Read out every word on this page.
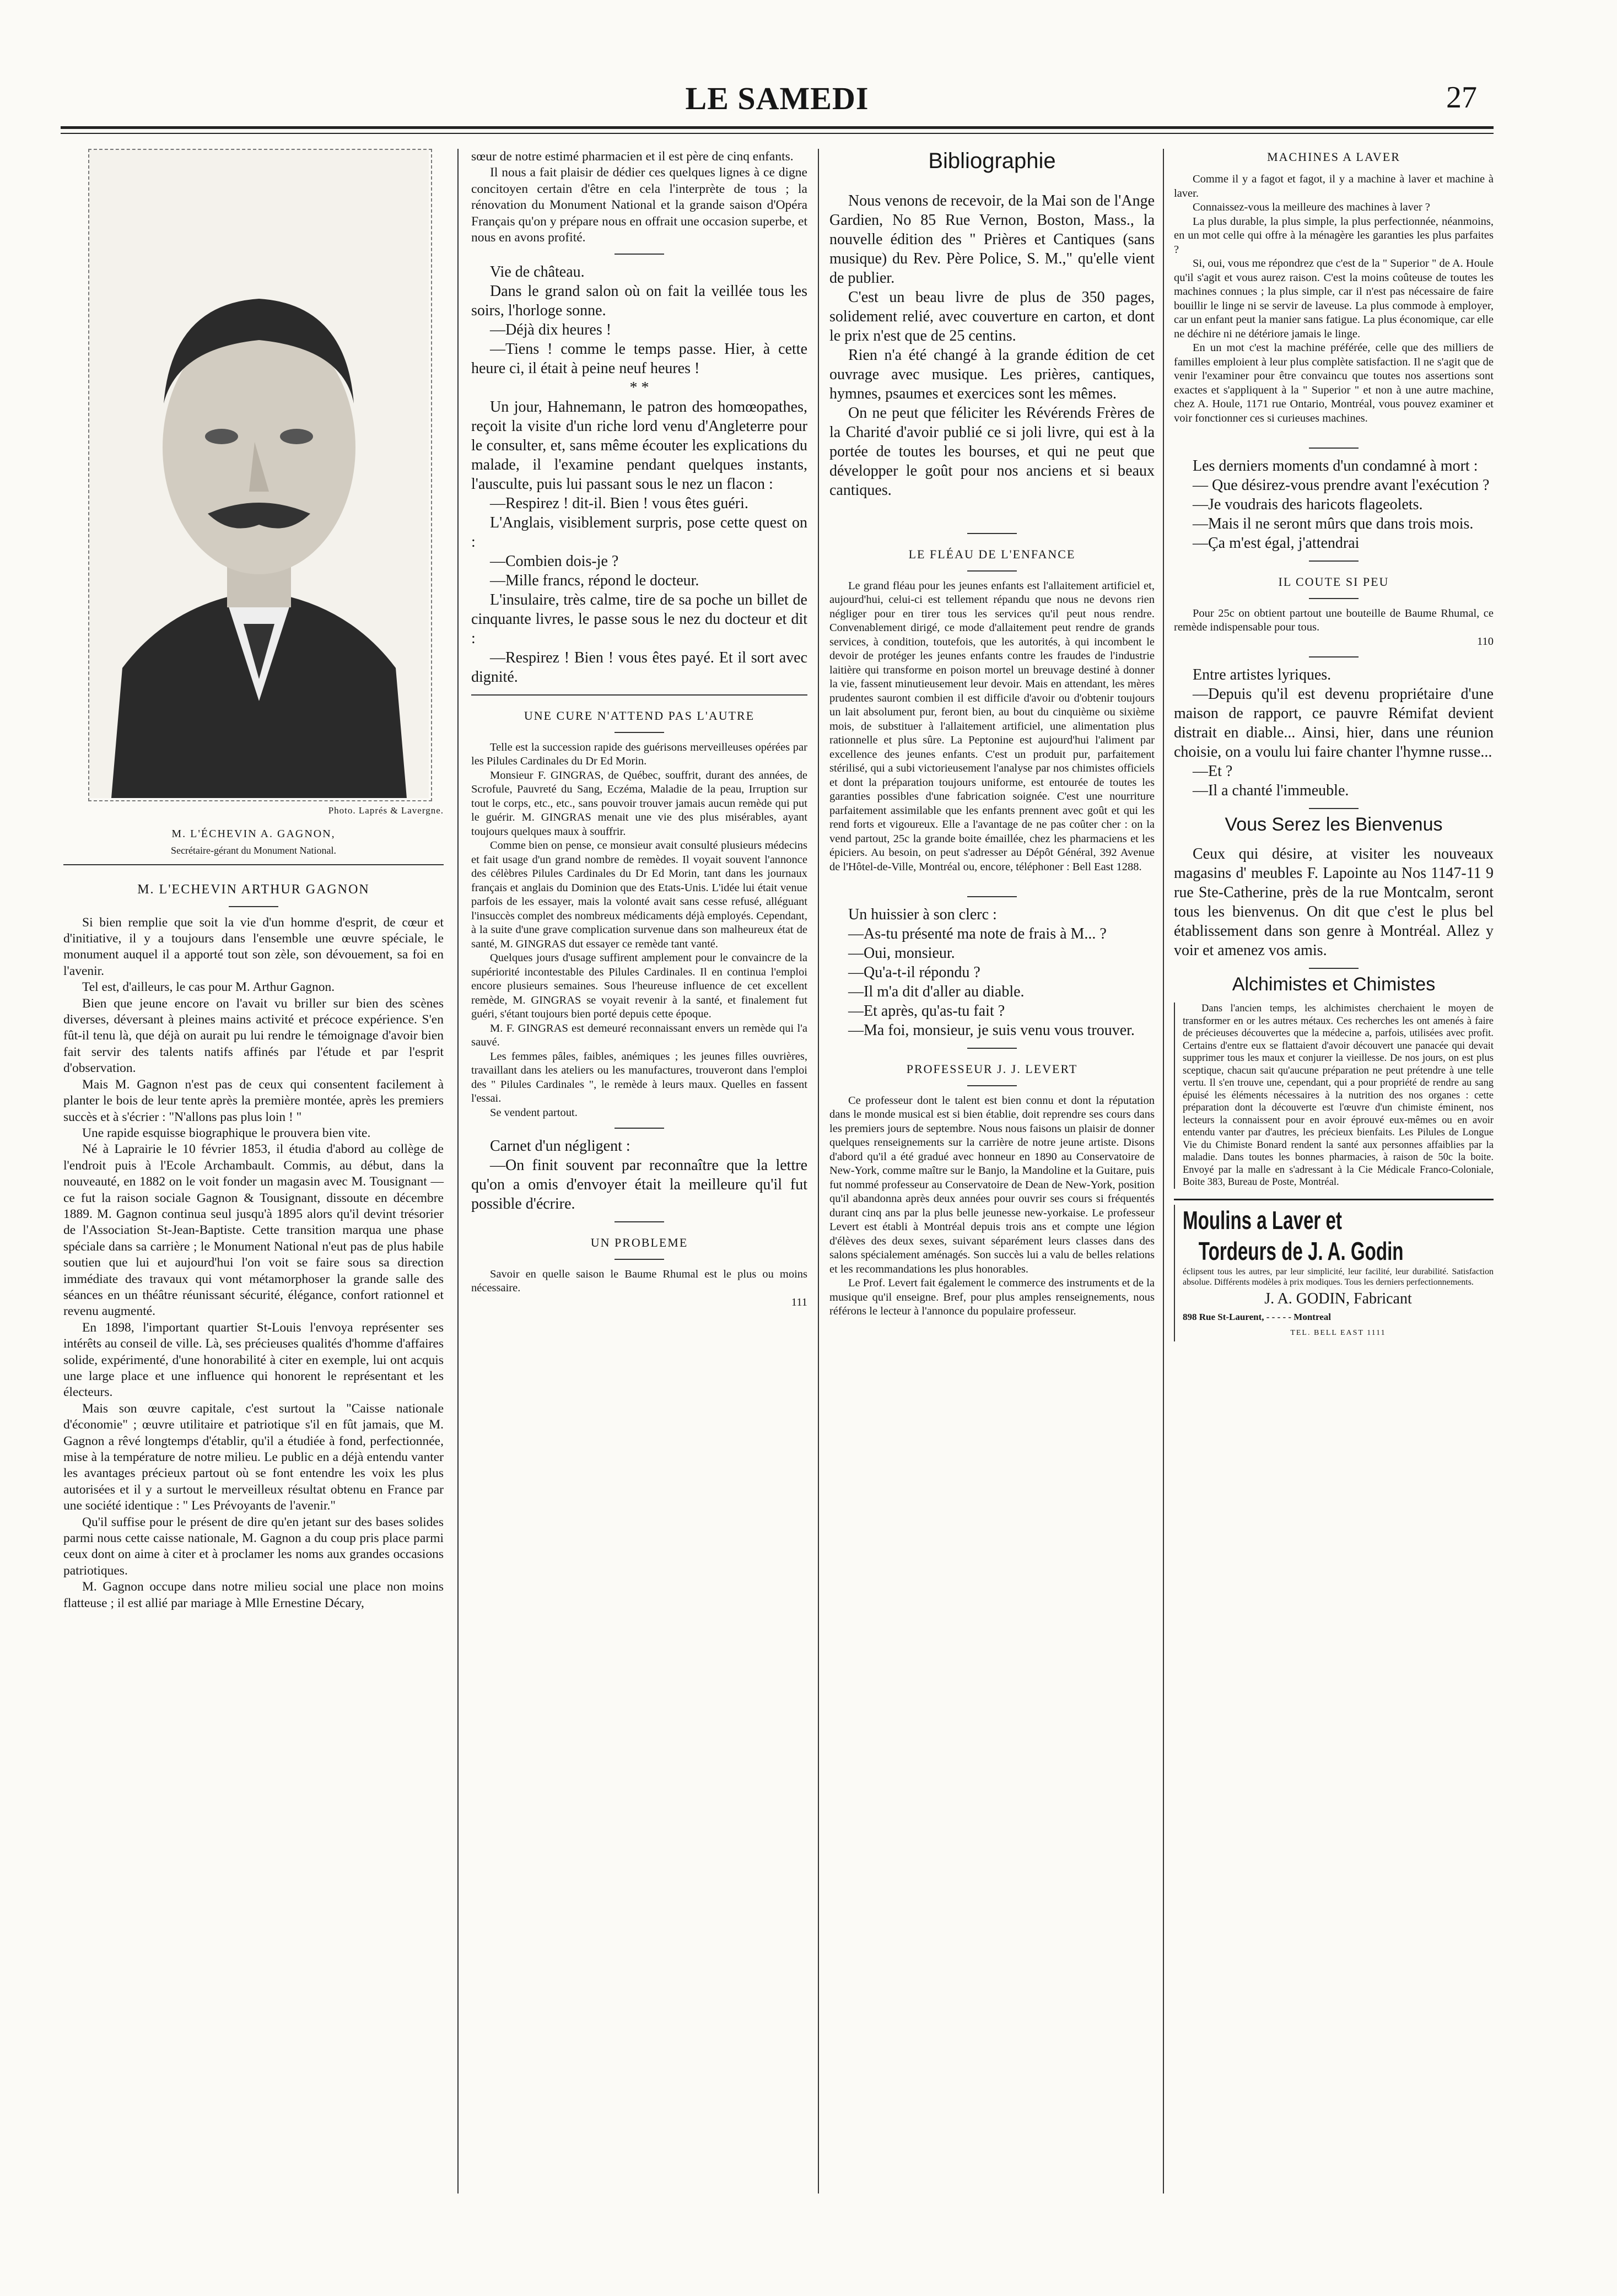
LE SAMEDI	27
Photo. Laprés & Lavergne.
M. L'ÉCHEVIN A. GAGNON,
Secrétaire-gérant du Monument National.
M. L'ECHEVIN ARTHUR GAGNON

Si bien remplie que soit la vie d'un homme d'esprit, de cœur et d'initiative, il y a toujours dans l'ensemble une œuvre spéciale, le monument auquel il a apporté tout son zèle, son dévouement, sa foi en l'avenir.

Tel est, d'ailleurs, le cas pour M. Arthur Gagnon.

Bien que jeune encore on l'avait vu briller sur bien des scènes diverses, déversant à pleines mains activité et précoce expérience. S'en fût-il tenu là, que déjà on aurait pu lui rendre le témoignage d'avoir bien fait servir des talents natifs affinés par l'étude et par l'esprit d'observation.

Mais M. Gagnon n'est pas de ceux qui consentent facilement à planter le bois de leur tente après la première montée, après les premiers succès et à s'écrier : "N'allons pas plus loin ! "

Une rapide esquisse biographique le prouvera bien vite.

Né à Laprairie le 10 février 1853, il étudia d'abord au collège de l'endroit puis à l'Ecole Archambault. Commis, au début, dans la nouveauté, en 1882 on le voit fonder un magasin avec M. Tousignant — ce fut la raison sociale Gagnon & Tousignant, dissoute en décembre 1889. M. Gagnon continua seul jusqu'à 1895 alors qu'il devint trésorier de l'Association St-Jean-Baptiste. Cette transition marqua une phase spéciale dans sa carrière ; le Monument National n'eut pas de plus habile soutien que lui et aujourd'hui l'on voit se faire sous sa direction immédiate des travaux qui vont métamorphoser la grande salle des séances en un théâtre réunissant sécurité, élégance, confort rationnel et revenu augmenté.

En 1898, l'important quartier St-Louis l'envoya représenter ses intérêts au conseil de ville. Là, ses précieuses qualités d'homme d'affaires solide, expérimenté, d'une honorabilité à citer en exemple, lui ont acquis une large place et une influence qui honorent le représentant et les électeurs.

Mais son œuvre capitale, c'est surtout la "Caisse nationale d'économie" ; œuvre utilitaire et patriotique s'il en fût jamais, que M. Gagnon a rêvé longtemps d'établir, qu'il a étudiée à fond, perfectionnée, mise à la température de notre milieu. Le public en a déjà entendu vanter les avantages précieux partout où se font entendre les voix les plus autorisées et il y a surtout le merveilleux résultat obtenu en France par une société identique : " Les Prévoyants de l'avenir."

Qu'il suffise pour le présent de dire qu'en jetant sur des bases solides parmi nous cette caisse nationale, M. Gagnon a du coup pris place parmi ceux dont on aime à citer et à proclamer les noms aux grandes occasions patriotiques.

M. Gagnon occupe dans notre milieu social une place non moins flatteuse ; il est allié par mariage à Mlle Ernestine Décary,

sœur de notre estimé pharmacien et il est père de cinq enfants.

Il nous a fait plaisir de dédier ces quelques lignes à ce digne concitoyen certain d'être en cela l'interprète de tous ; la rénovation du Monument National et la grande saison d'Opéra Français qu'on y prépare nous en offrait une occasion superbe, et nous en avons profité.

Vie de château.

Dans le grand salon où on fait la veillée tous les soirs, l'horloge sonne.

—Déjà dix heures !

—Tiens ! comme le temps passe. Hier, à cette heure ci, il était à peine neuf heures !

* *

Un jour, Hahnemann, le patron des homœopathes, reçoit la visite d'un riche lord venu d'Angleterre pour le consulter, et, sans même écouter les explications du malade, il l'examine pendant quelques instants, l'ausculte, puis lui passant sous le nez un flacon :

—Respirez ! dit-il. Bien ! vous êtes guéri.

L'Anglais, visiblement surpris, pose cette quest on :

—Combien dois-je ?

—Mille francs, répond le docteur.

L'insulaire, très calme, tire de sa poche un billet de cinquante livres, le passe sous le nez du docteur et dit :

—Respirez ! Bien ! vous êtes payé. Et il sort avec dignité.

UNE CURE N'ATTEND PAS L'AUTRE

Telle est la succession rapide des guérisons merveilleuses opérées par les Pilules Cardinales du Dr Ed Morin.

Monsieur F. GINGRAS, de Québec, souffrit, durant des années, de Scrofule, Pauvreté du Sang, Eczéma, Maladie de la peau, Irruption sur tout le corps, etc., etc., sans pouvoir trouver jamais aucun remède qui put le guérir. M. GINGRAS menait une vie des plus misérables, ayant toujours quelques maux à souffrir.

Comme bien on pense, ce monsieur avait consulté plusieurs médecins et fait usage d'un grand nombre de remèdes. Il voyait souvent l'annonce des célèbres Pilules Cardinales du Dr Ed Morin, tant dans les journaux français et anglais du Dominion que des Etats-Unis. L'idée lui était venue parfois de les essayer, mais la volonté avait sans cesse refusé, alléguant l'insuccès complet des nombreux médicaments déjà employés. Cependant, à la suite d'une grave complication survenue dans son malheureux état de santé, M. GINGRAS dut essayer ce remède tant vanté.

Quelques jours d'usage suffirent amplement pour le convaincre de la supériorité incontestable des Pilules Cardinales. Il en continua l'emploi encore plusieurs semaines. Sous l'heureuse influence de cet excellent remède, M. GINGRAS se voyait revenir à la santé, et finalement fut guéri, s'étant toujours bien porté depuis cette époque.

M. F. GINGRAS est demeuré reconnaissant envers un remède qui l'a sauvé.

Les femmes pâles, faibles, anémiques ; les jeunes filles ouvrières, travaillant dans les ateliers ou les manufactures, trouveront dans l'emploi des " Pilules Cardinales ", le remède à leurs maux. Quelles en fassent l'essai.

Se vendent partout.

Carnet d'un négligent :

—On finit souvent par reconnaître que la lettre qu'on a omis d'envoyer était la meilleure qu'il fut possible d'écrire.

UN PROBLEME

Savoir en quelle saison le Baume Rhumal est le plus ou moins nécessaire.

111
Bibliographie

Nous venons de recevoir, de la Mai son de l'Ange Gardien, No 85 Rue Vernon, Boston, Mass., la nouvelle édition des " Prières et Cantiques (sans musique) du Rev. Père Police, S. M.," qu'elle vient de publier.

C'est un beau livre de plus de 350 pages, solidement relié, avec couverture en carton, et dont le prix n'est que de 25 centins.

Rien n'a été changé à la grande édition de cet ouvrage avec musique. Les prières, cantiques, hymnes, psaumes et exercices sont les mêmes.

On ne peut que féliciter les Révérends Frères de la Charité d'avoir publié ce si joli livre, qui est à la portée de toutes les bourses, et qui ne peut que développer le goût pour nos anciens et si beaux cantiques.

LE FLÉAU DE L'ENFANCE

Le grand fléau pour les jeunes enfants est l'allaitement artificiel et, aujourd'hui, celui-ci est tellement répandu que nous ne devons rien négliger pour en tirer tous les services qu'il peut nous rendre. Convenablement dirigé, ce mode d'allaitement peut rendre de grands services, à condition, toutefois, que les autorités, à qui incombent le devoir de protéger les jeunes enfants contre les fraudes de l'industrie laitière qui transforme en poison mortel un breuvage destiné à donner la vie, fassent minutieusement leur devoir. Mais en attendant, les mères prudentes sauront combien il est difficile d'avoir ou d'obtenir toujours un lait absolument pur, feront bien, au bout du cinquième ou sixième mois, de substituer à l'allaitement artificiel, une alimentation plus rationnelle et plus sûre. La Peptonine est aujourd'hui l'aliment par excellence des jeunes enfants. C'est un produit pur, parfaitement stérilisé, qui a subi victorieusement l'analyse par nos chimistes officiels et dont la préparation toujours uniforme, est entourée de toutes les garanties possibles d'une fabrication soignée. C'est une nourriture parfaitement assimilable que les enfants prennent avec goût et qui les rend forts et vigoureux. Elle a l'avantage de ne pas coûter cher : on la vend partout, 25c la grande boite émaillée, chez les pharmaciens et les épiciers. Au besoin, on peut s'adresser au Dépôt Général, 392 Avenue de l'Hôtel-de-Ville, Montréal ou, encore, téléphoner : Bell East 1288.

Un huissier à son clerc :

—As-tu présenté ma note de frais à M... ?

—Oui, monsieur.

—Qu'a-t-il répondu ?

—Il m'a dit d'aller au diable.

—Et après, qu'as-tu fait ?

—Ma foi, monsieur, je suis venu vous trouver.

PROFESSEUR J. J. LEVERT

Ce professeur dont le talent est bien connu et dont la réputation dans le monde musical est si bien établie, doit reprendre ses cours dans les premiers jours de septembre. Nous nous faisons un plaisir de donner quelques renseignements sur la carrière de notre jeune artiste. Disons d'abord qu'il a été gradué avec honneur en 1890 au Conservatoire de New-York, comme maître sur le Banjo, la Mandoline et la Guitare, puis fut nommé professeur au Conservatoire de Dean de New-York, position qu'il abandonna après deux années pour ouvrir ses cours si fréquentés durant cinq ans par la plus belle jeunesse new-yorkaise. Le professeur Levert est établi à Montréal depuis trois ans et compte une légion d'élèves des deux sexes, suivant séparément leurs classes dans des salons spécialement aménagés. Son succès lui a valu de belles relations et les recommandations les plus honorables.

Le Prof. Levert fait également le commerce des instruments et de la musique qu'il enseigne. Bref, pour plus amples renseignements, nous référons le lecteur à l'annonce du populaire professeur.

MACHINES A LAVER

Comme il y a fagot et fagot, il y a machine à laver et machine à laver.

Connaissez-vous la meilleure des machines à laver ?

La plus durable, la plus simple, la plus perfectionnée, néanmoins, en un mot celle qui offre à la ménagère les garanties les plus parfaites ?

Si, oui, vous me répondrez que c'est de la " Superior " de A. Houle qu'il s'agit et vous aurez raison. C'est la moins coûteuse de toutes les machines connues ; la plus simple, car il n'est pas nécessaire de faire bouillir le linge ni se servir de laveuse. La plus commode à employer, car un enfant peut la manier sans fatigue. La plus économique, car elle ne déchire ni ne détériore jamais le linge.

En un mot c'est la machine préférée, celle que des milliers de familles emploient à leur plus complète satisfaction. Il ne s'agit que de venir l'examiner pour être convaincu que toutes nos assertions sont exactes et s'appliquent à la " Superior " et non à une autre machine, chez A. Houle, 1171 rue Ontario, Montréal, vous pouvez examiner et voir fonctionner ces si curieuses machines.

Les derniers moments d'un condamné à mort :

— Que désirez-vous prendre avant l'exécution ?

—Je voudrais des haricots flageolets.

—Mais il ne seront mûrs que dans trois mois.

—Ça m'est égal, j'attendrai

IL COUTE SI PEU

Pour 25c on obtient partout une bouteille de Baume Rhumal, ce remède indispensable pour tous.

110

Entre artistes lyriques.

—Depuis qu'il est devenu propriétaire d'une maison de rapport, ce pauvre Rémifat devient distrait en diable... Ainsi, hier, dans une réunion choisie, on a voulu lui faire chanter l'hymne russe...

—Et ?

—Il a chanté l'immeuble.

Vous Serez les Bienvenus

Ceux qui désire, at visiter les nouveaux magasins d' meubles F. Lapointe au Nos 1147-11 9 rue Ste-Catherine, près de la rue Montcalm, seront tous les bienvenus. On dit que c'est le plus bel établissement dans son genre à Montréal. Allez y voir et amenez vos amis.

Alchimistes et Chimistes

Dans l'ancien temps, les alchimistes cherchaient le moyen de transformer en or les autres métaux. Ces recherches les ont amenés à faire de précieuses découvertes que la médecine a, parfois, utilisées avec profit. Certains d'entre eux se flattaient d'avoir découvert une panacée qui devait supprimer tous les maux et conjurer la vieillesse. De nos jours, on est plus sceptique, chacun sait qu'aucune préparation ne peut prétendre à une telle vertu. Il s'en trouve une, cependant, qui a pour propriété de rendre au sang épuisé les éléments nécessaires à la nutrition des nos organes : cette préparation dont la découverte est l'œuvre d'un chimiste éminent, nos lecteurs la connaissent pour en avoir éprouvé eux-mêmes ou en avoir entendu vanter par d'autres, les précieux bienfaits. Les Pilules de Longue Vie du Chimiste Bonard rendent la santé aux personnes affaiblies par la maladie. Dans toutes les bonnes pharmacies, à raison de 50c la boite. Envoyé par la malle en s'adressant à la Cie Médicale Franco-Coloniale, Boite 383, Bureau de Poste, Montréal.

Moulins a Laver et
Tordeurs de J. A. Godin

éclipsent tous les autres, par leur simplicité, leur facilité, leur durabilité. Satisfaction absolue. Différents modèles à prix modiques. Tous les derniers perfectionnements.

J. A. GODIN, Fabricant
898 Rue St-Laurent, - - - - - Montreal
TEL. BELL EAST 1111
